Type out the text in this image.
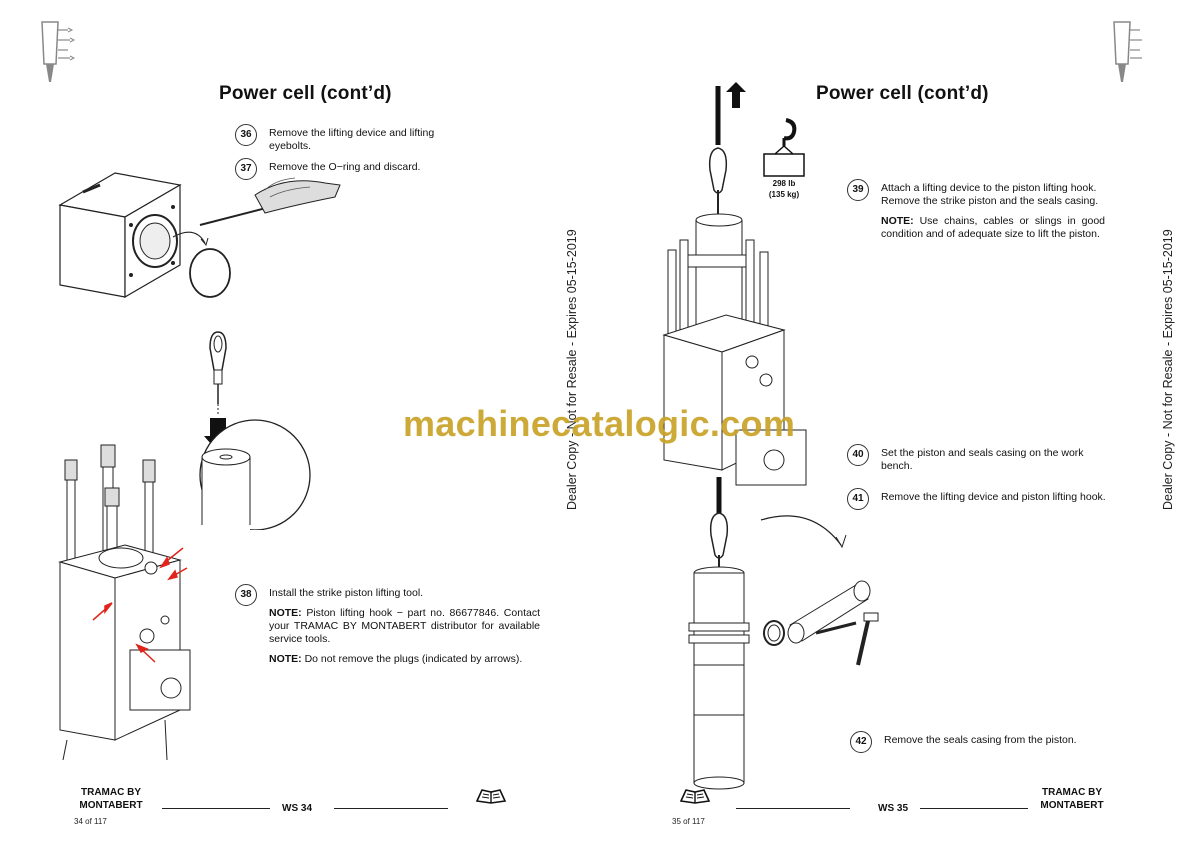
Power cell (cont’d)
36	Remove the lifting device and lifting eyebolts.
37	Remove the O−ring and discard.
38	Install the strike piston lifting tool.
NOTE: Piston lifting hook − part no. 86677846. Contact your TRAMAC BY MONTABERT distributor for available service tools.
NOTE: Do not remove the plugs (indicated by arrows).
TRAMAC BY
MONTABERT	WS 34
34 of 117
Dealer Copy - Not for Resale - Expires 05-15-2019
Power cell (cont’d)
298 lb
(135 kg)	39	Attach a lifting device to the piston lifting hook. Remove the strike piston and the seals casing.
NOTE: Use chains, cables or slings in good condition and of adequate size to lift the piston.
40	Set the piston and seals casing on the work bench.
41	Remove the lifting device and piston lifting hook.
42	Remove the seals casing from the piston.
WS 35
TRAMAC BY
MONTABERT
35 of 117
Dealer Copy - Not for Resale - Expires 05-15-2019
machinecatalogic.com
